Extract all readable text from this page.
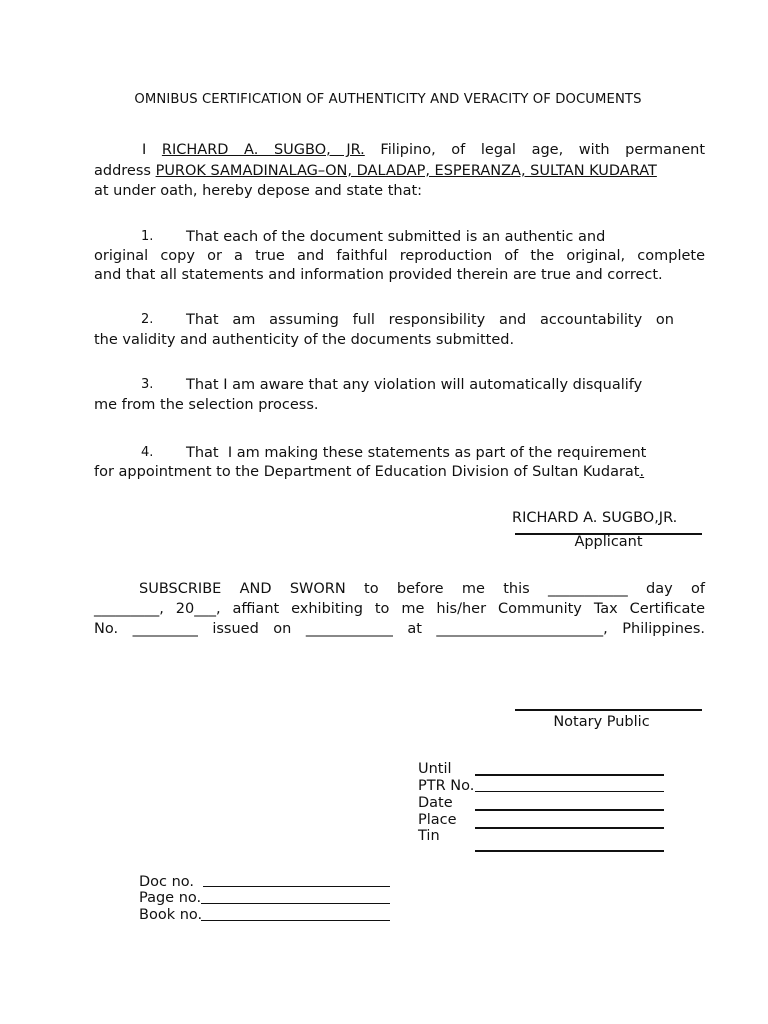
OMNIBUS CERTIFICATION OF AUTHENTICITY AND VERACITY OF DOCUMENTS
I RICHARD A. SUGBO, JR. Filipino, of legal age, with permanent
address PUROK SAMADINALAG–ON, DALADAP, ESPERANZA, SULTAN KUDARAT
at under oath, hereby depose and state that:
1. That each of the document submitted is an authentic and
original copy or a true and faithful reproduction of the original, complete
and that all statements and information provided therein are true and correct.
2. That am assuming full responsibility and accountability on
the validity and authenticity of the documents submitted.
3. That I am aware that any violation will automatically disqualify
me from the selection process.
4. That  I am making these statements as part of the requirement
for appointment to the Department of Education Division of Sultan Kudarat.
RICHARD A. SUGBO,JR.
Applicant
SUBSCRIBE AND SWORN to before me this ___________ day of
_________, 20___, affiant exhibiting to me his/her Community Tax Certificate
No. _________ issued on ____________ at _______________________, Philippines.
Notary Public
Until
PTR No.
Date
Place
Tin
Doc no.
Page no.
Book no.
